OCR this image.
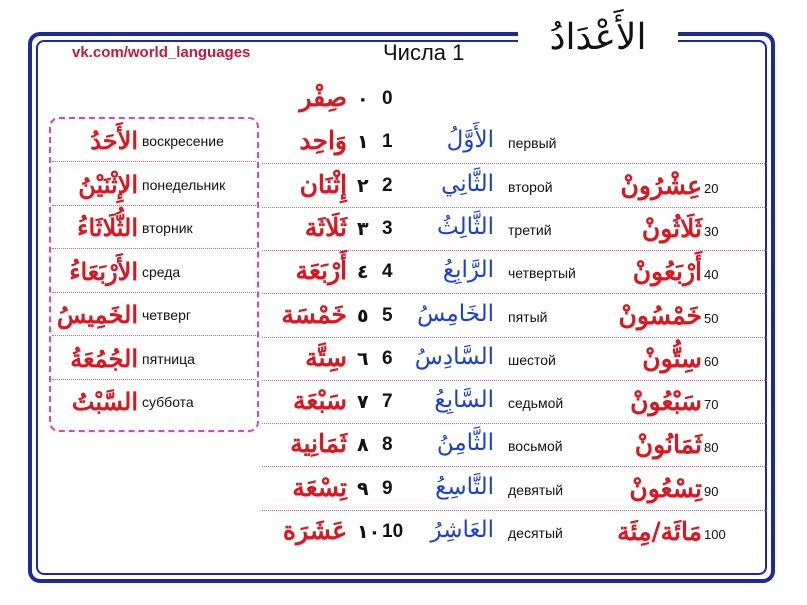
الأَعْدَادُ
vk.com/world_languages	Числа 1
الأَحَدُ воскресение
الإِثْنَيْنُ понедельник
الثُّلَاثَاءُ вторник
الأَرْبَعَاءُ среда
الخَمِيسُ четверг
الجُمُعَةُ пятница
السَّبْتُ суббота
صِفْر ٠ 0
وَاحِد ١ 1 الأَوَّلُ первый
إِثْنَان ٢ 2 الثَّانِي второй	عِشْرُونْ 20
ثَلَاثَة ٣ 3 الثَّالِثُ третий	ثَلَاثُونْ 30
أَرْبَعَة ٤ 4 الرَّابِعُ четвертый أَرْبَعُونْ 40
خَمْسَة ٥ 5 الخَامِسُ пятый	خَمْسُونْ 50
سِتَّة ٦ 6 السَّادِسُ шестой	سِتُّونْ 60
سَبْعَة ٧ 7 السَّابِعُ седьмой	سَبْعُونْ 70
ثَمَانِية ٨ 8 الثَّامِنُ восьмой	ثَمَانُونْ 80
تِسْعَة ٩ 9 التَّاسِعُ девятый	تِسْعُونْ 90
عَشَرَة ١٠ 10 العَاشِرُ десятый مَائَة/مِئَة 100
